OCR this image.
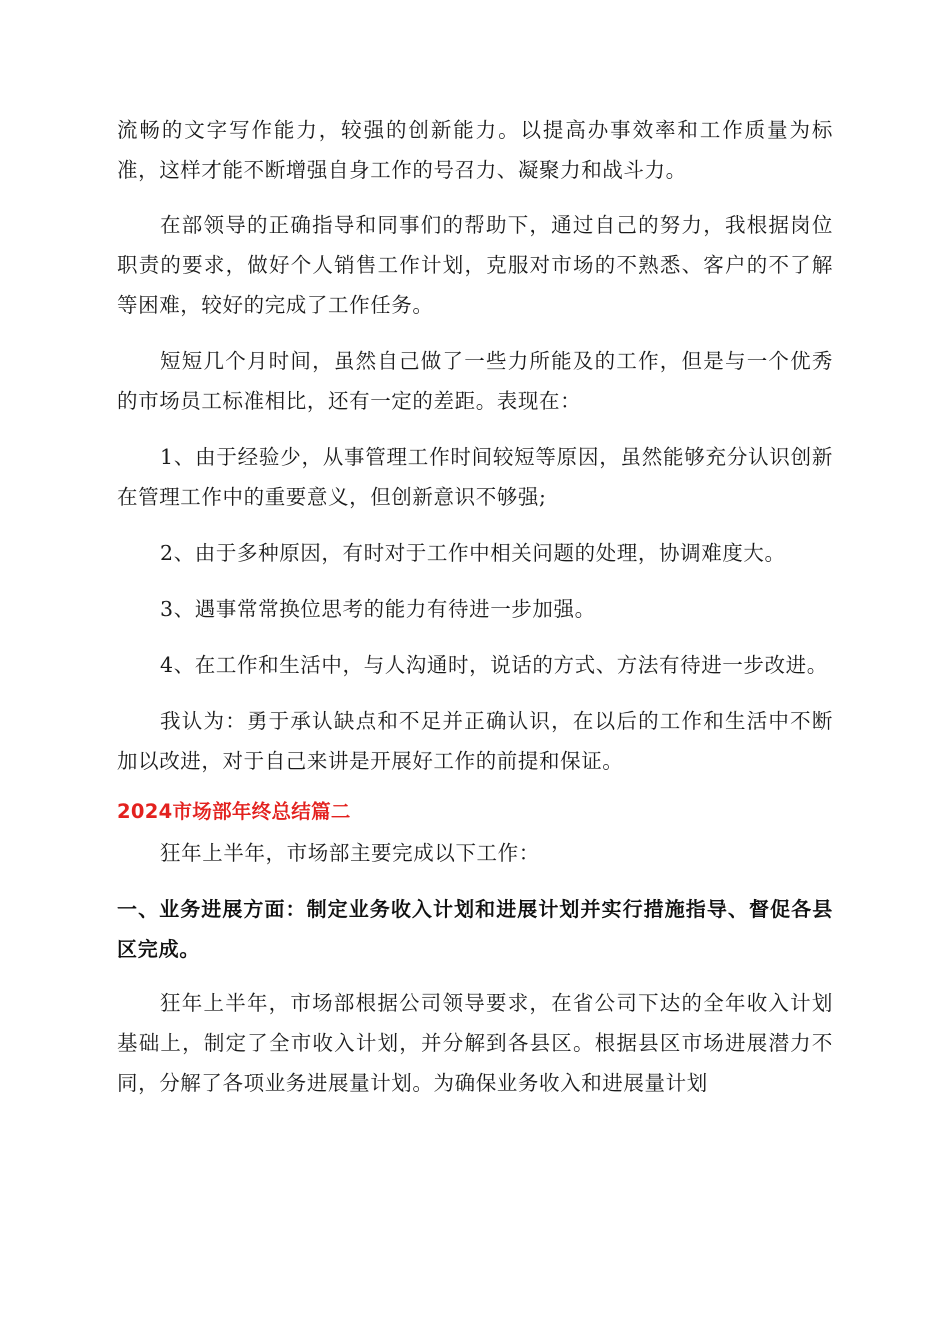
流畅的文字写作能力，较强的创新能力。以提高办事效率和工作质量为标准，这样才能不断增强自身工作的号召力、凝聚力和战斗力。

在部领导的正确指导和同事们的帮助下，通过自己的努力，我根据岗位职责的要求，做好个人销售工作计划，克服对市场的不熟悉、客户的不了解等困难，较好的完成了工作任务。

短短几个月时间，虽然自己做了一些力所能及的工作，但是与一个优秀的市场员工标准相比，还有一定的差距。表现在：

1、由于经验少，从事管理工作时间较短等原因，虽然能够充分认识创新在管理工作中的重要意义，但创新意识不够强;

2、由于多种原因，有时对于工作中相关问题的处理，协调难度大。

3、遇事常常换位思考的能力有待进一步加强。

4、在工作和生活中，与人沟通时，说话的方式、方法有待进一步改进。

我认为：勇于承认缺点和不足并正确认识，在以后的工作和生活中不断加以改进，对于自己来讲是开展好工作的前提和保证。

2024市场部年终总结篇二

狂年上半年，市场部主要完成以下工作：

一、业务进展方面：制定业务收入计划和进展计划并实行措施指导、督促各县区完成。

狂年上半年，市场部根据公司领导要求，在省公司下达的全年收入计划基础上，制定了全市收入计划，并分解到各县区。根据县区市场进展潜力不同，分解了各项业务进展量计划。为确保业务收入和进展量计划
